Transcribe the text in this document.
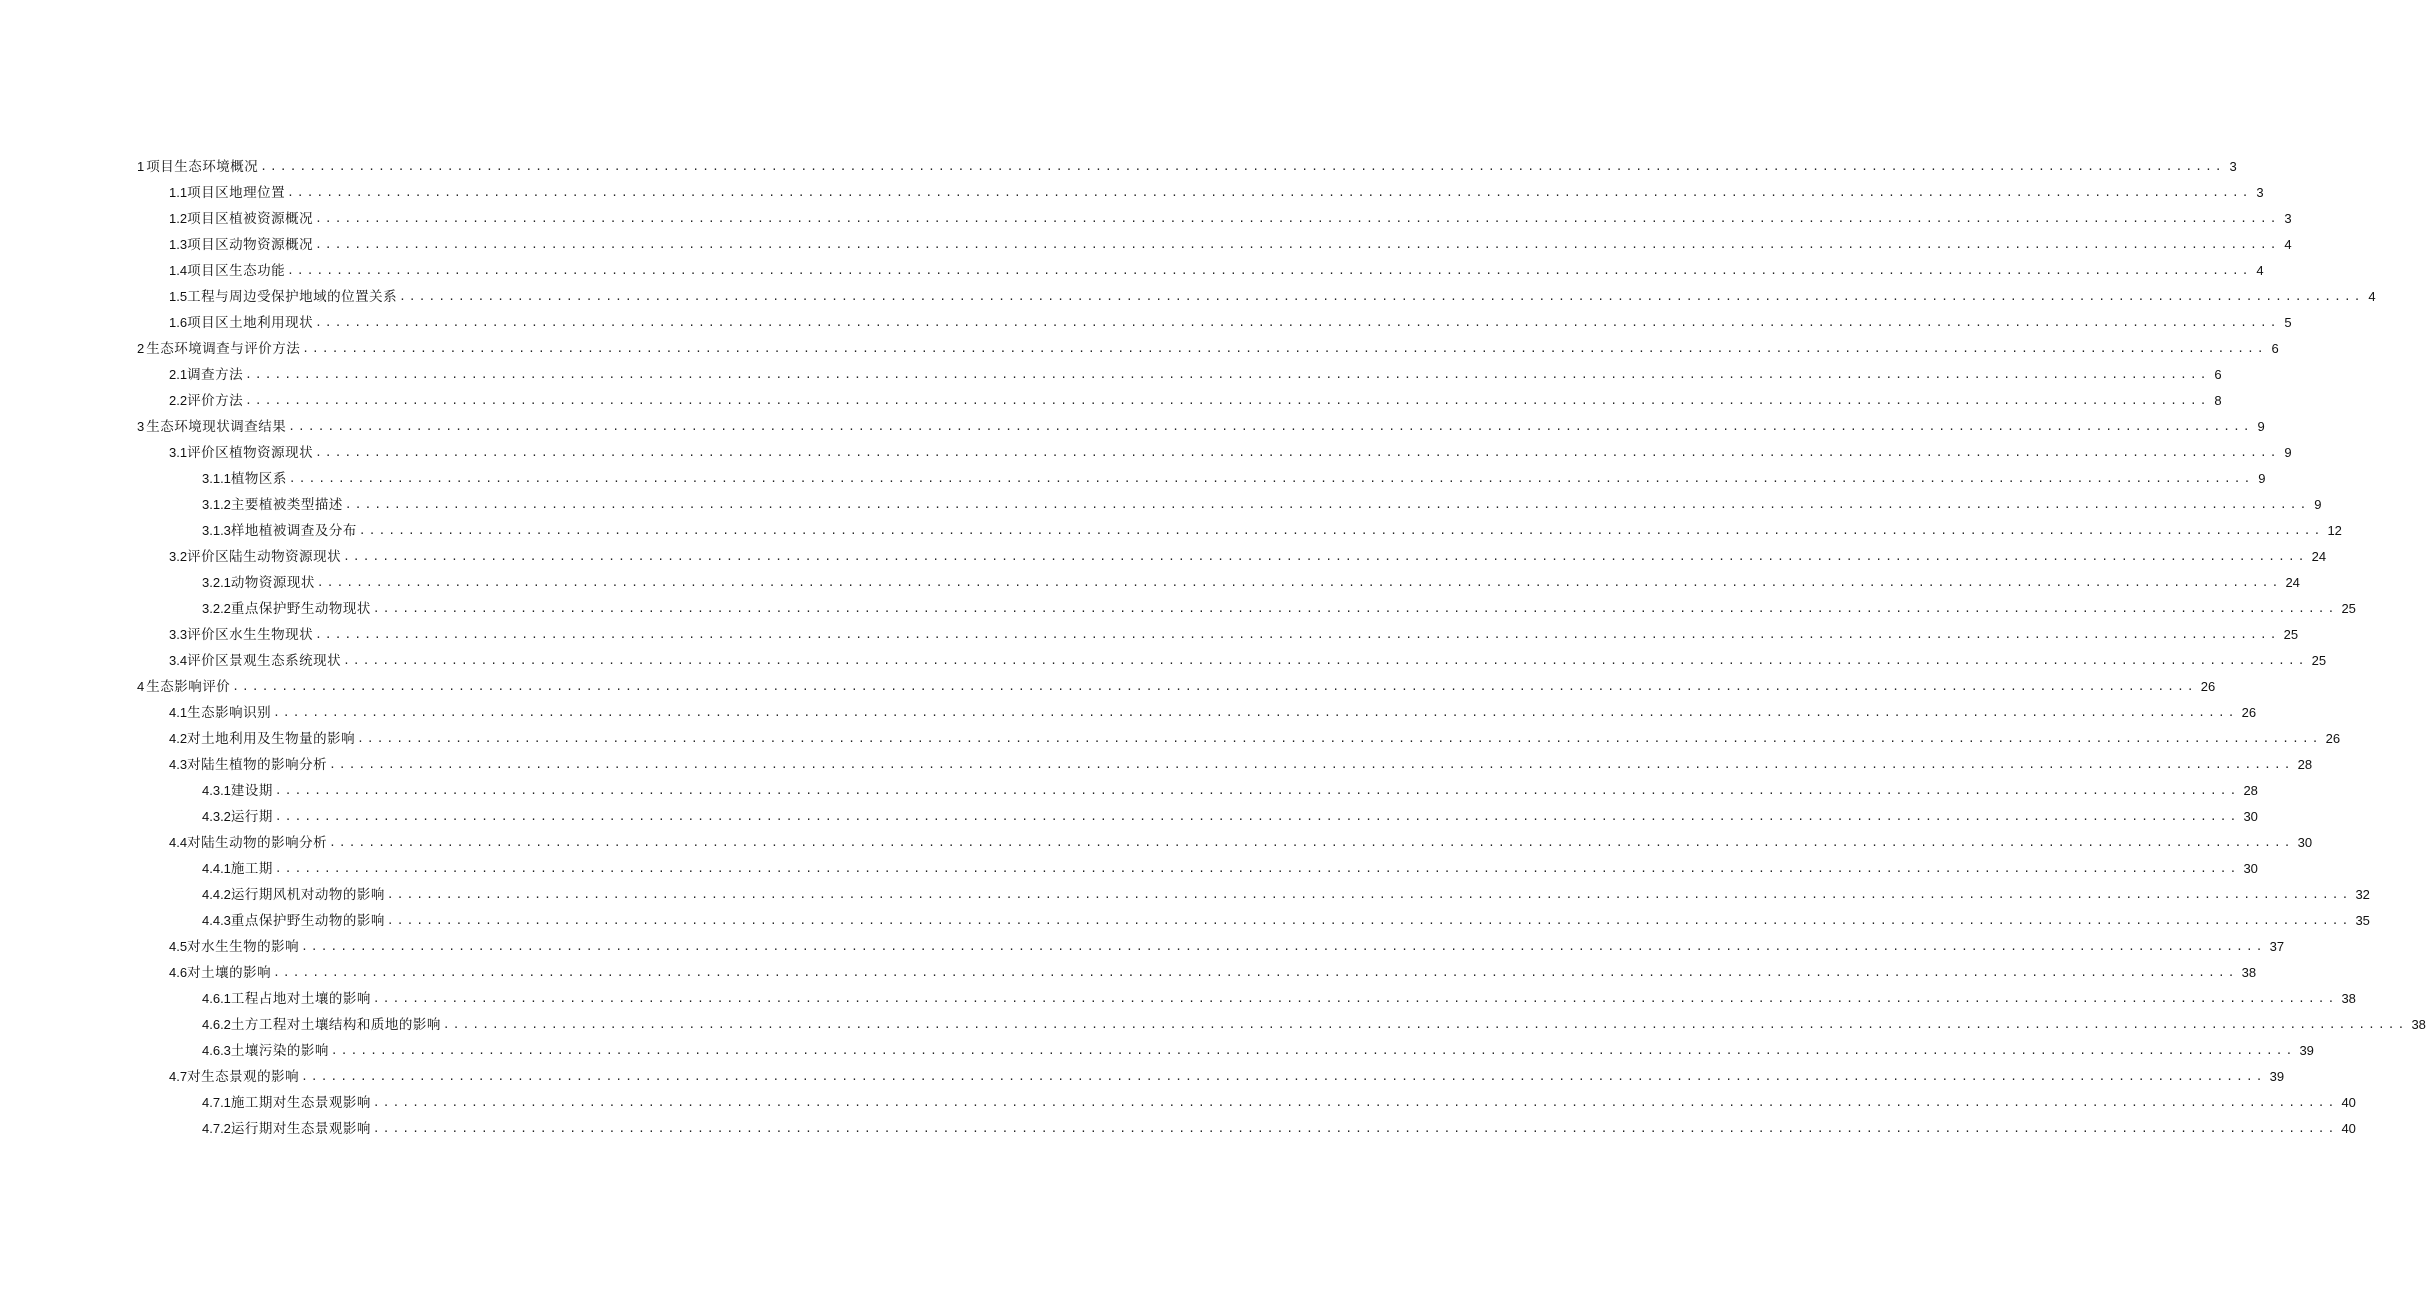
1 项目生态环境概况 ........................................................................................................................................................................................................ 3
1.1 项目区地理位置 ........................................................................................................................................................................................................ 3
1.2 项目区植被资源概况 ........................................................................................................................................................................................................ 3
1.3 项目区动物资源概况 ........................................................................................................................................................................................................ 4
1.4 项目区生态功能 ........................................................................................................................................................................................................ 4
1.5 工程与周边受保护地域的位置关系 ........................................................................................................................................................................................................ 4
1.6 项目区土地利用现状 ........................................................................................................................................................................................................ 5
2 生态环境调查与评价方法 ........................................................................................................................................................................................................ 6
2.1 调查方法 ........................................................................................................................................................................................................ 6
2.2 评价方法 ........................................................................................................................................................................................................ 8
3 生态环境现状调查结果 ........................................................................................................................................................................................................ 9
3.1 评价区植物资源现状 ........................................................................................................................................................................................................ 9
3.1.1 植物区系 ........................................................................................................................................................................................................ 9
3.1.2 主要植被类型描述 ........................................................................................................................................................................................................ 9
3.1.3 样地植被调查及分布 ........................................................................................................................................................................................................ 12
3.2 评价区陆生动物资源现状 ........................................................................................................................................................................................................ 24
3.2.1 动物资源现状 ........................................................................................................................................................................................................ 24
3.2.2 重点保护野生动物现状 ........................................................................................................................................................................................................ 25
3.3 评价区水生生物现状 ........................................................................................................................................................................................................ 25
3.4 评价区景观生态系统现状 ........................................................................................................................................................................................................ 25
4 生态影响评价 ........................................................................................................................................................................................................ 26
4.1 生态影响识别 ........................................................................................................................................................................................................ 26
4.2 对土地利用及生物量的影响 ........................................................................................................................................................................................................ 26
4.3 对陆生植物的影响分析 ........................................................................................................................................................................................................ 28
4.3.1 建设期 ........................................................................................................................................................................................................ 28
4.3.2 运行期 ........................................................................................................................................................................................................ 30
4.4 对陆生动物的影响分析 ........................................................................................................................................................................................................ 30
4.4.1 施工期 ........................................................................................................................................................................................................ 30
4.4.2 运行期风机对动物的影响 ........................................................................................................................................................................................................ 32
4.4.3 重点保护野生动物的影响 ........................................................................................................................................................................................................ 35
4.5 对水生生物的影响 ........................................................................................................................................................................................................ 37
4.6 对土壤的影响 ........................................................................................................................................................................................................ 38
4.6.1 工程占地对土壤的影响 ........................................................................................................................................................................................................ 38
4.6.2 土方工程对土壤结构和质地的影响 ........................................................................................................................................................................................................ 38
4.6.3 土壤污染的影响 ........................................................................................................................................................................................................ 39
4.7 对生态景观的影响 ........................................................................................................................................................................................................ 39
4.7.1 施工期对生态景观影响 ........................................................................................................................................................................................................ 40
4.7.2 运行期对生态景观影响 ........................................................................................................................................................................................................ 40
